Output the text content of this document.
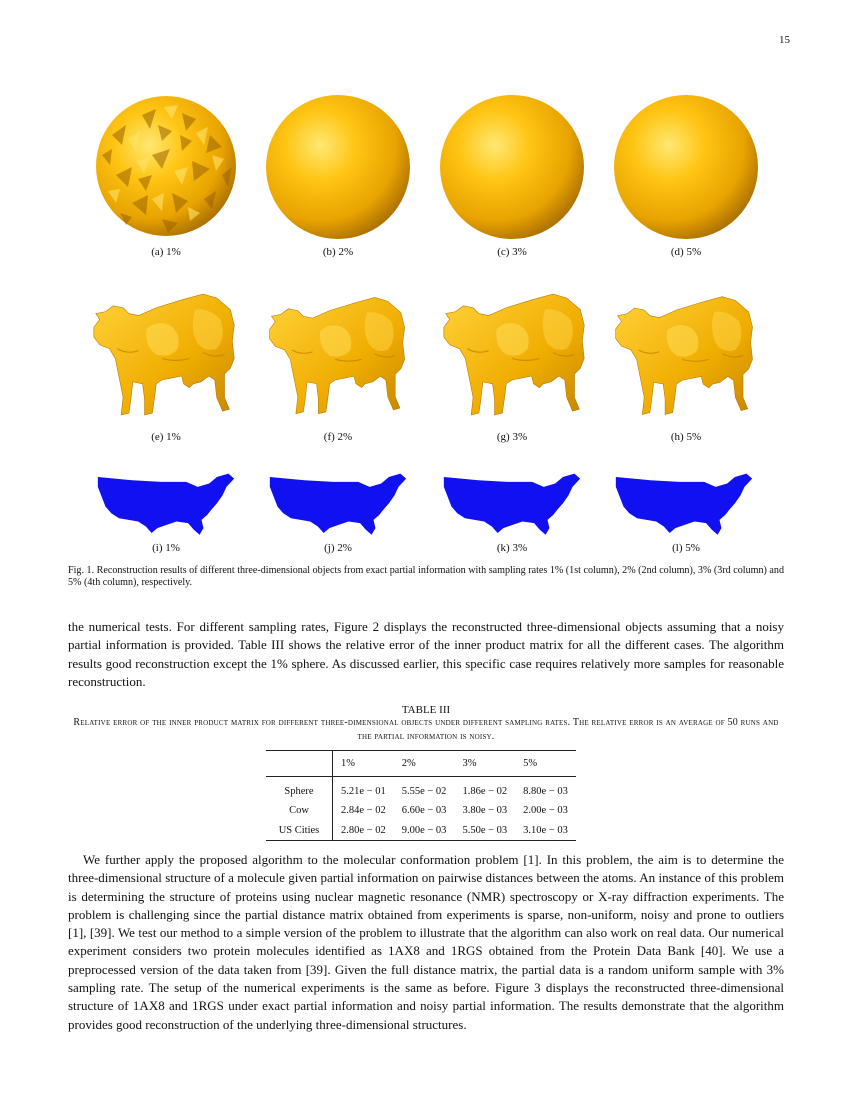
15
(a) 1%	(b) 2%	(c) 3%	(d) 5%
(e) 1%	(f) 2%	(g) 3%	(h) 5%
(i) 1%	(j) 2%	(k) 3%	(l) 5%
Fig. 1. Reconstruction results of different three-dimensional objects from exact partial information with sampling rates 1% (1st column), 2% (2nd column), 3% (3rd column) and 5% (4th column), respectively.

the numerical tests. For different sampling rates, Figure 2 displays the reconstructed three-dimensional objects assuming that a noisy partial information is provided. Table III shows the relative error of the inner product matrix for all the different cases. The algorithm results good reconstruction except the 1% sphere. As discussed earlier, this specific case requires relatively more samples for reasonable reconstruction.

TABLE III
Relative error of the inner product matrix for different three-dimensional objects under different sampling rates. The relative error is an average of 50 runs and the partial information is noisy.
	1%	2%	3%	5%
Sphere	5.21e − 01	5.55e − 02	1.86e − 02	8.80e − 03
Cow	2.84e − 02	6.60e − 03	3.80e − 03	2.00e − 03
US Cities	2.80e − 02	9.00e − 03	5.50e − 03	3.10e − 03

We further apply the proposed algorithm to the molecular conformation problem [1]. In this problem, the aim is to determine the three-dimensional structure of a molecule given partial information on pairwise distances between the atoms. An instance of this problem is determining the structure of proteins using nuclear magnetic resonance (NMR) spectroscopy or X-ray diffraction experiments. The problem is challenging since the partial distance matrix obtained from experiments is sparse, non-uniform, noisy and prone to outliers [1], [39]. We test our method to a simple version of the problem to illustrate that the algorithm can also work on real data. Our numerical experiment considers two protein molecules identified as 1AX8 and 1RGS obtained from the Protein Data Bank [40]. We use a preprocessed version of the data taken from [39]. Given the full distance matrix, the partial data is a random uniform sample with 3% sampling rate. The setup of the numerical experiments is the same as before. Figure 3 displays the reconstructed three-dimensional structure of 1AX8 and 1RGS under exact partial information and noisy partial information. The results demonstrate that the algorithm provides good reconstruction of the underlying three-dimensional structures.
